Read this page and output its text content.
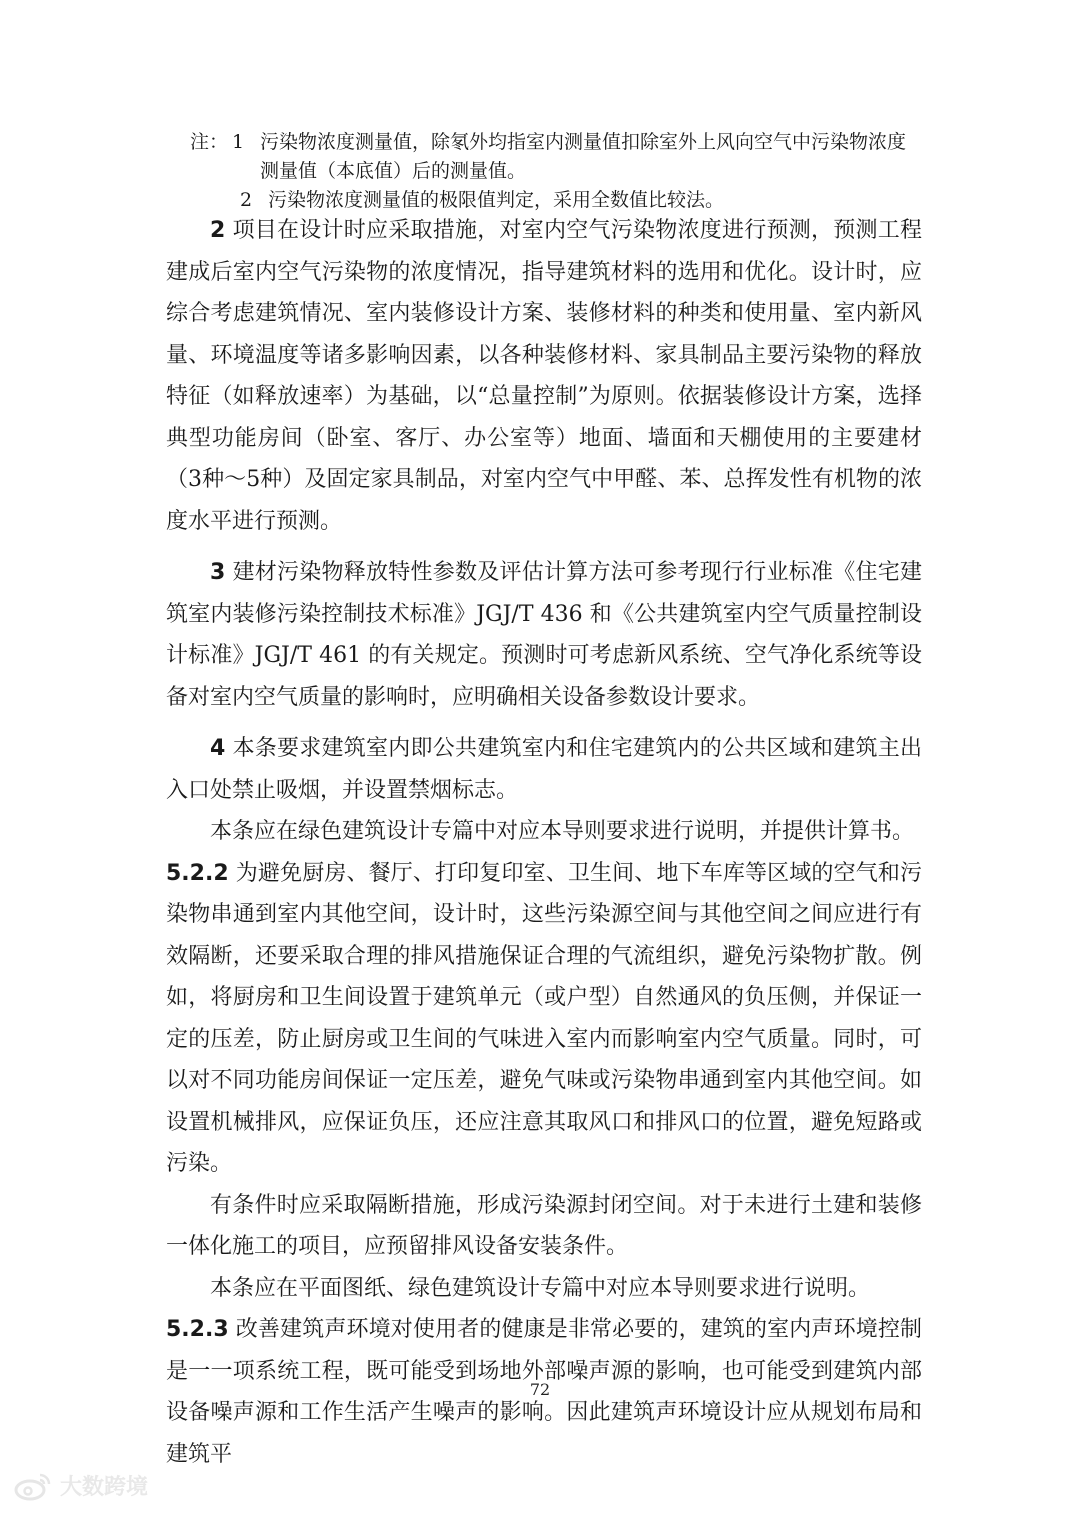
注： 1 污染物浓度测量值，除氡外均指室内测量值扣除室外上风向空气中污染物浓度
测量值（本底值）后的测量值。
2 污染物浓度测量值的极限值判定，采用全数值比较法。

2 项目在设计时应采取措施，对室内空气污染物浓度进行预测，预测工程建成后室内空气污染物的浓度情况，指导建筑材料的选用和优化。设计时，应综合考虑建筑情况、室内装修设计方案、装修材料的种类和使用量、室内新风量、环境温度等诸多影响因素，以各种装修材料、家具制品主要污染物的释放特征（如释放速率）为基础，以“总量控制”为原则。依据装修设计方案，选择典型功能房间（卧室、客厅、办公室等）地面、墙面和天棚使用的主要建材（3种～5种）及固定家具制品，对室内空气中甲醛、苯、总挥发性有机物的浓度水平进行预测。

3 建材污染物释放特性参数及评估计算方法可参考现行行业标准《住宅建筑室内装修污染控制技术标准》JGJ/T 436 和《公共建筑室内空气质量控制设计标准》JGJ/T 461 的有关规定。预测时可考虑新风系统、空气净化系统等设备对室内空气质量的影响时，应明确相关设备参数设计要求。

4 本条要求建筑室内即公共建筑室内和住宅建筑内的公共区域和建筑主出入口处禁止吸烟，并设置禁烟标志。

本条应在绿色建筑设计专篇中对应本导则要求进行说明，并提供计算书。

5.2.2 为避免厨房、餐厅、打印复印室、卫生间、地下车库等区域的空气和污染物串通到室内其他空间，设计时，这些污染源空间与其他空间之间应进行有效隔断，还要采取合理的排风措施保证合理的气流组织，避免污染物扩散。例如，将厨房和卫生间设置于建筑单元（或户型）自然通风的负压侧，并保证一定的压差，防止厨房或卫生间的气味进入室内而影响室内空气质量。同时，可以对不同功能房间保证一定压差，避免气味或污染物串通到室内其他空间。如设置机械排风，应保证负压，还应注意其取风口和排风口的位置，避免短路或污染。

有条件时应采取隔断措施，形成污染源封闭空间。对于未进行土建和装修一体化施工的项目，应预留排风设备安装条件。

本条应在平面图纸、绿色建筑设计专篇中对应本导则要求进行说明。

5.2.3 改善建筑声环境对使用者的健康是非常必要的，建筑的室内声环境控制是一一项系统工程，既可能受到场地外部噪声源的影响，也可能受到建筑内部设备噪声源和工作生活产生噪声的影响。因此建筑声环境设计应从规划布局和建筑平

72
大数跨境
